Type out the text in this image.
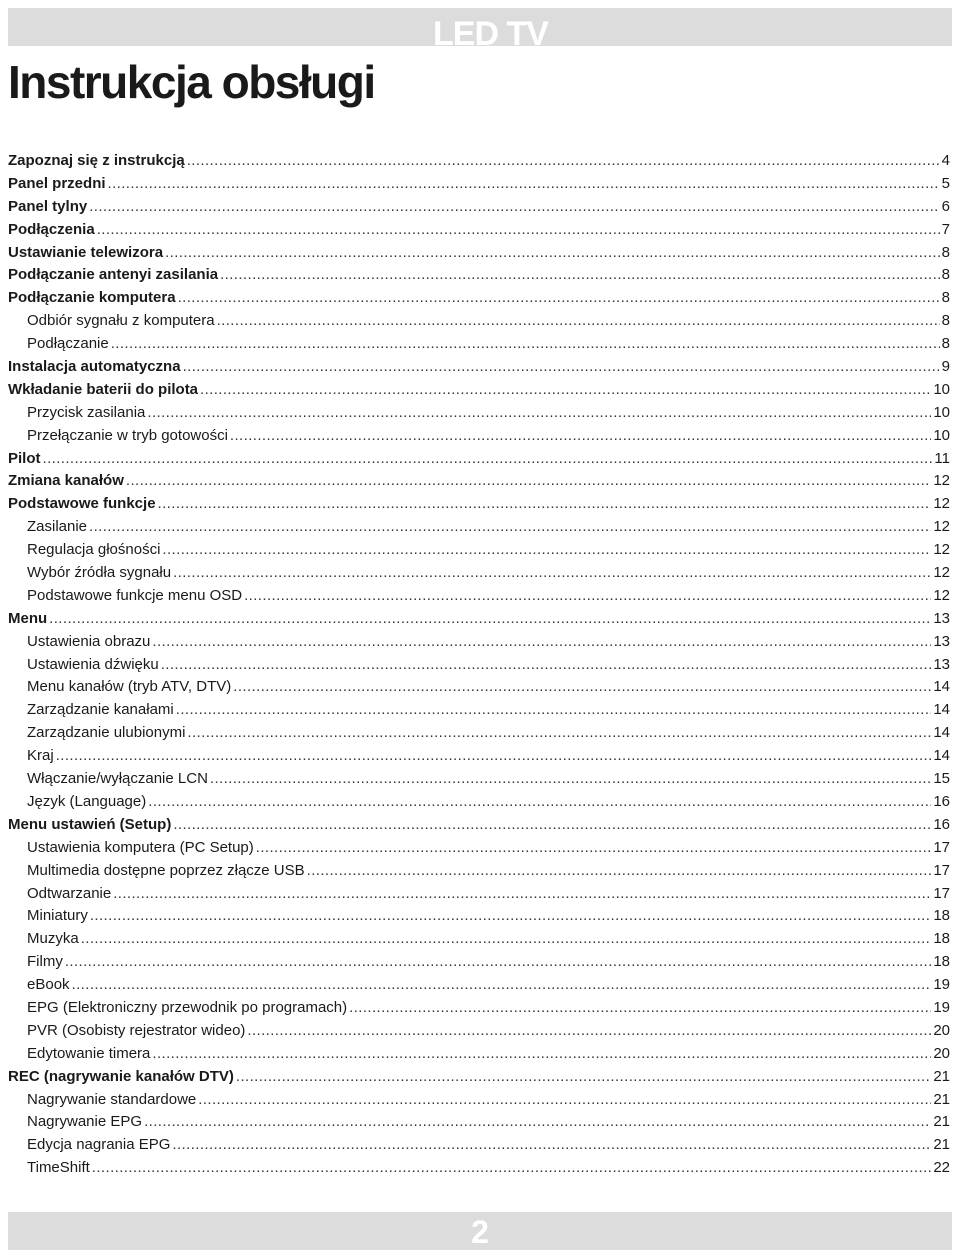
LED TV
Instrukcja obsługi
Zapoznaj się z instrukcją .....	4
Panel przedni .....	5
Panel tylny .....	6
Podłączenia .....	7
Ustawianie telewizora .....	8
Podłączanie antenyi zasilania .....	8
Podłączanie komputera .....	8
Odbiór sygnału z komputera .....	8
Podłączanie .....	8
Instalacja automatyczna .....	9
Wkładanie baterii do pilota .....	10
Przycisk zasilania .....	10
Przełączanie w tryb gotowości .....	10
Pilot .....	11
Zmiana kanałów .....	12
Podstawowe funkcje .....	12
Zasilanie .....	12
Regulacja głośności .....	12
Wybór źródła sygnału .....	12
Podstawowe funkcje menu OSD .....	12
Menu .....	13
Ustawienia obrazu .....	13
Ustawienia dźwięku .....	13
Menu kanałów (tryb ATV, DTV) .....	14
Zarządzanie kanałami .....	14
Zarządzanie ulubionymi .....	14
Kraj .....	14
Włączanie/wyłączanie LCN .....	15
Język (Language) .....	16
Menu ustawień (Setup) .....	16
Ustawienia komputera (PC Setup) .....	17
Multimedia dostępne poprzez złącze USB .....	17
Odtwarzanie .....	17
Miniatury .....	18
Muzyka .....	18
Filmy .....	18
eBook .....	19
EPG (Elektroniczny przewodnik po programach) .....	19
PVR (Osobisty rejestrator wideo) .....	20
Edytowanie timera .....	20
REC (nagrywanie kanałów DTV) .....	21
Nagrywanie standardowe .....	21
Nagrywanie EPG .....	21
Edycja nagrania EPG .....	21
TimeShift .....	22

2
